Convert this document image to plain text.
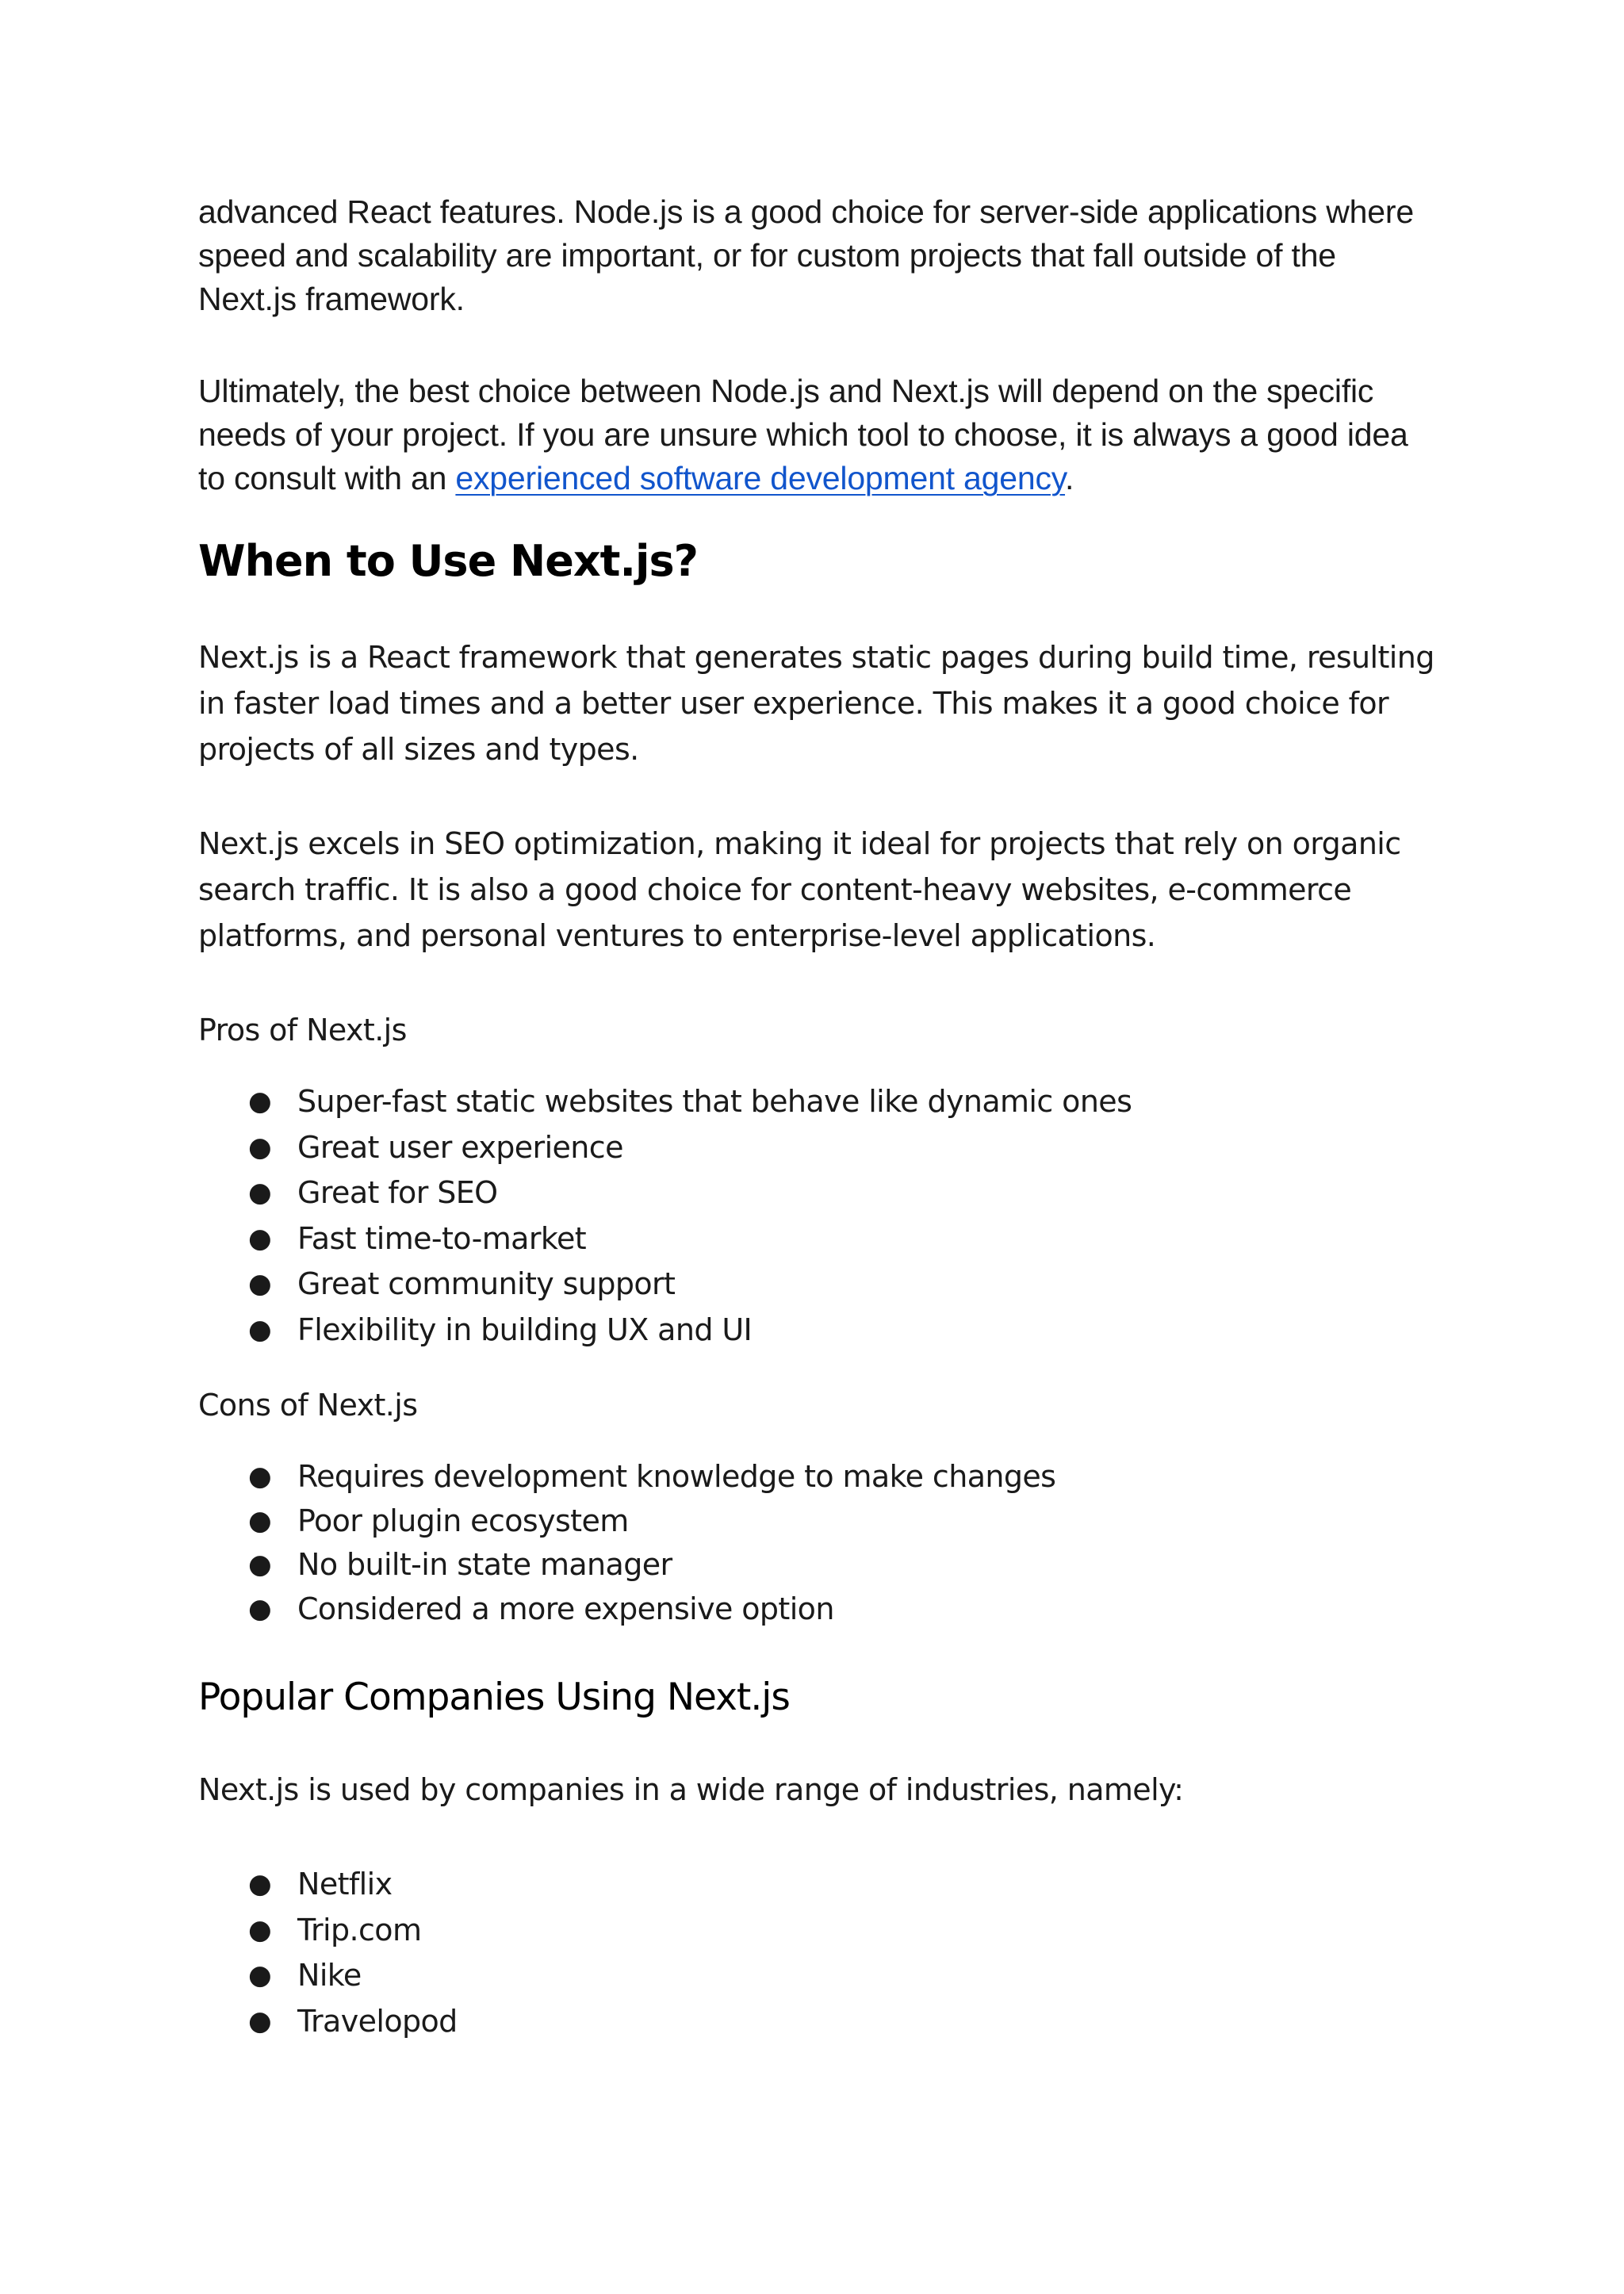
advanced React features. Node.js is a good choice for server-side applications where speed and scalability are important, or for custom projects that fall outside of the Next.js framework.

Ultimately, the best choice between Node.js and Next.js will depend on the specific needs of your project. If you are unsure which tool to choose, it is always a good idea to consult with an experienced software development agency.

When to Use Next.js?

Next.js is a React framework that generates static pages during build time, resulting in faster load times and a better user experience. This makes it a good choice for projects of all sizes and types.

Next.js excels in SEO optimization, making it ideal for projects that rely on organic search traffic. It is also a good choice for content-heavy websites, e-commerce platforms, and personal ventures to enterprise-level applications.

Pros of Next.js

● Super-fast static websites that behave like dynamic ones
● Great user experience
● Great for SEO
● Fast time-to-market
● Great community support
● Flexibility in building UX and UI

Cons of Next.js

● Requires development knowledge to make changes
● Poor plugin ecosystem
● No built-in state manager
● Considered a more expensive option
Popular Companies Using Next.js

Next.js is used by companies in a wide range of industries, namely:

● Netflix
● Trip.com
● Nike
● Travelopod
